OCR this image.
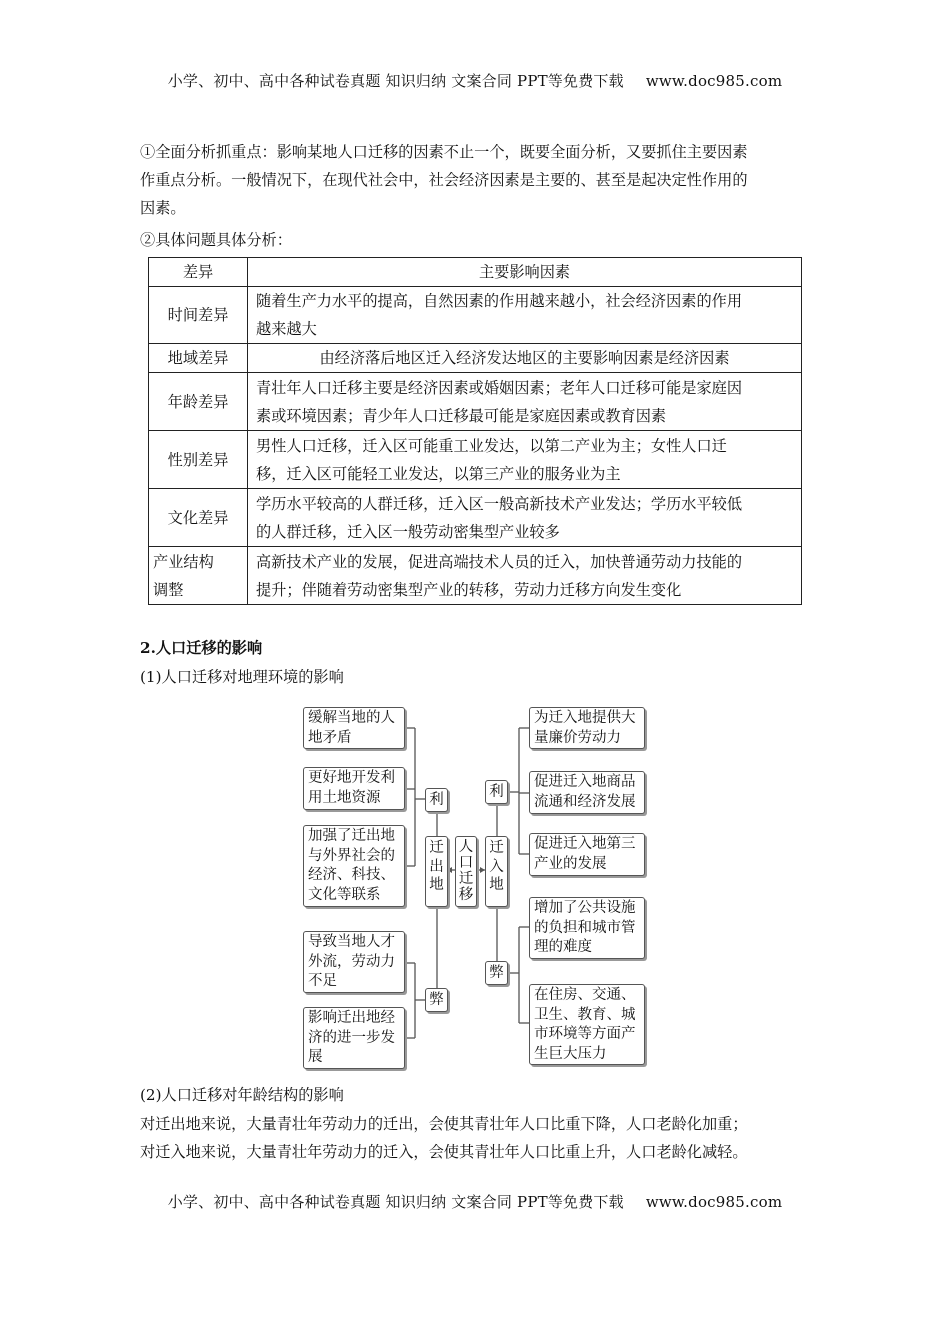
小学、初中、高中各种试卷真题 知识归纳 文案合同 PPT等免费下载 www.doc985.com
①全面分析抓重点：影响某地人口迁移的因素不止一个，既要全面分析，又要抓住主要因素
作重点分析。一般情况下，在现代社会中，社会经济因素是主要的、甚至是起决定性作用的
因素。
②具体问题具体分析：
差异	主要影响因素
时间差异	随着生产力水平的提高，自然因素的作用越来越小，社会经济因素的作用
越来越大

地域差异	由经济落后地区迁入经济发达地区的主要影响因素是经济因素

年龄差异	青壮年人口迁移主要是经济因素或婚姻因素；老年人口迁移可能是家庭因
素或环境因素；青少年人口迁移最可能是家庭因素或教育因素

性别差异	男性人口迁移，迁入区可能重工业发达，以第二产业为主；女性人口迁
移，迁入区可能轻工业发达，以第三产业的服务业为主

文化差异	学历水平较高的人群迁移，迁入区一般高新技术产业发达；学历水平较低
的人群迁移，迁入区一般劳动密集型产业较多

产业结构
调整	高新技术产业的发展，促进高端技术人员的迁入，加快普通劳动力技能的
提升；伴随着劳动密集型产业的转移，劳动力迁移方向发生变化
2.人口迁移的影响
(1)人口迁移对地理环境的影响
缓解当地的人
地矛盾
更好地开发利
用土地资源
加强了迁出地
与外界社会的
经济、科技、
文化等联系
导致当地人才
外流，劳动力
不足
影响迁出地经
济的进一步发
展
利
弊
利
弊
迁
出
地
人
口
迁
移
迁
入
地
为迁入地提供大
量廉价劳动力
促进迁入地商品
流通和经济发展
促进迁入地第三
产业的发展
增加了公共设施
的负担和城市管
理的难度
在住房、交通、
卫生、教育、城
市环境等方面产
生巨大压力
(2)人口迁移对年龄结构的影响
对迁出地来说，大量青壮年劳动力的迁出，会使其青壮年人口比重下降，人口老龄化加重；
对迁入地来说，大量青壮年劳动力的迁入，会使其青壮年人口比重上升，人口老龄化减轻。
小学、初中、高中各种试卷真题 知识归纳 文案合同 PPT等免费下载 www.doc985.com
